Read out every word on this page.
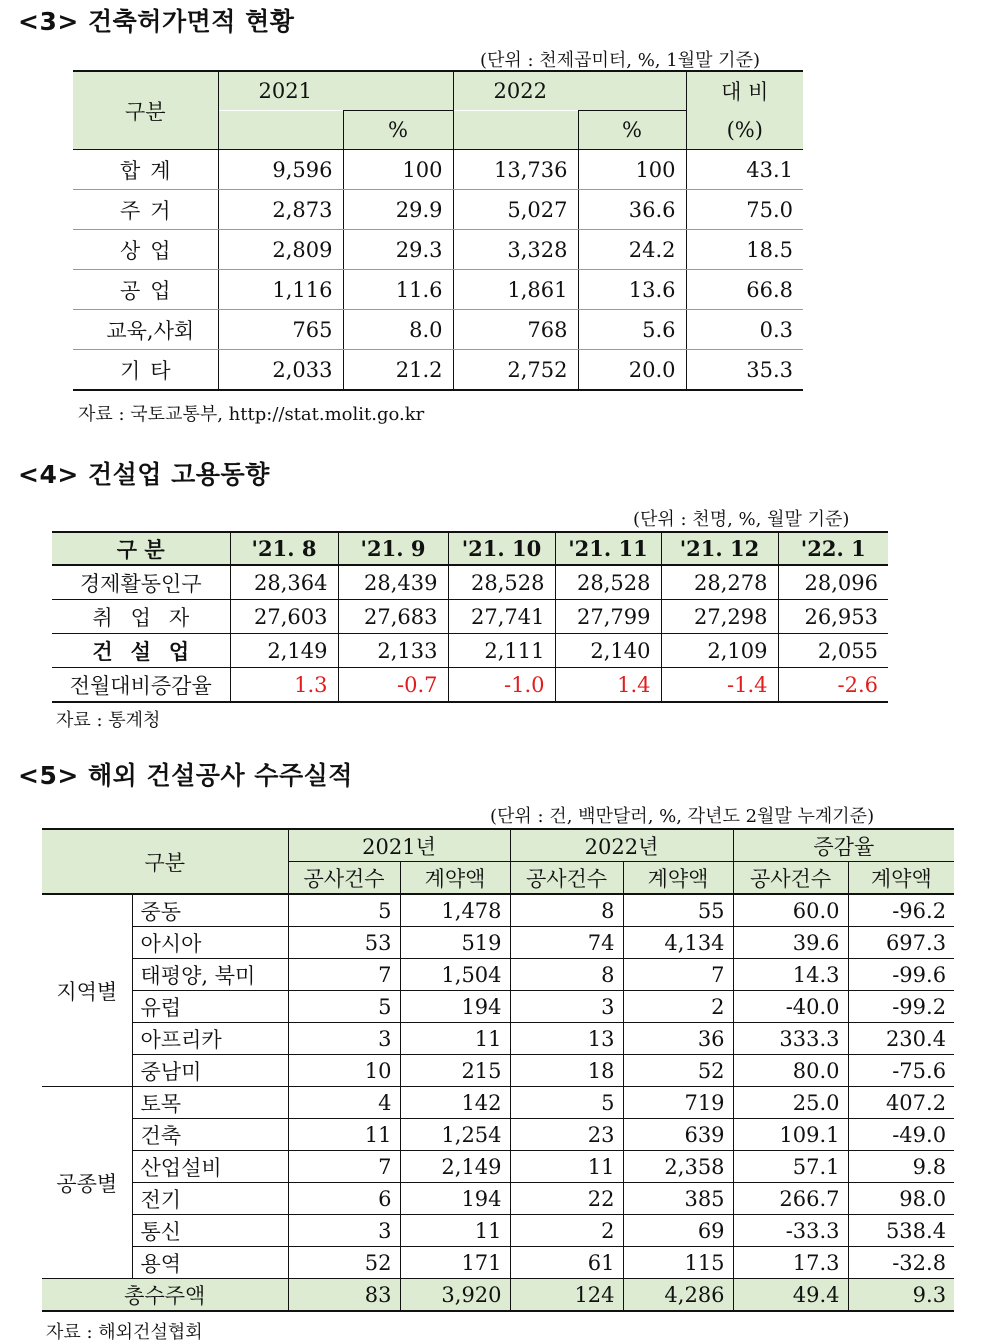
<3> 건축허가면적 현황
(단위 : 천제곱미터, %, 1월말 기준)
구분	2021		2022		대 비
		%		%	(%)
합계	9,596	100	13,736	100	43.1
주거	2,873	29.9	5,027	36.6	75.0
상업	2,809	29.3	3,328	24.2	18.5
공업	1,116	11.6	1,861	13.6	66.8
교육,사회	765	8.0	768	5.6	0.3
기타	2,033	21.2	2,752	20.0	35.3
자료 : 국토교통부, http://stat.molit.go.kr
<4> 건설업 고용동향
(단위 : 천명, %, 월말 기준)
구 분	'21. 8	'21. 9	'21. 10	'21. 11	'21. 12	'22. 1
경제활동인구	28,364	28,439	28,528	28,528	28,278	28,096
취업자	27,603	27,683	27,741	27,799	27,298	26,953
건설업	2,149	2,133	2,111	2,140	2,109	2,055
전월대비증감율	1.3	-0.7	-1.0	1.4	-1.4	-2.6
자료 : 통계청
<5> 해외 건설공사 수주실적
(단위 : 건, 백만달러, %, 각년도 2월말 누계기준)
구분		2021년		2022년		증감율	
		공사건수	계약액	공사건수	계약액	공사건수	계약액
지역별	중동	5	1,478	8	55	60.0	-96.2
	아시아	53	519	74	4,134	39.6	697.3
	태평양, 북미	7	1,504	8	7	14.3	-99.6
	유럽	5	194	3	2	-40.0	-99.2
	아프리카	3	11	13	36	333.3	230.4
	중남미	10	215	18	52	80.0	-75.6
공종별	토목	4	142	5	719	25.0	407.2
	건축	11	1,254	23	639	109.1	-49.0
	산업설비	7	2,149	11	2,358	57.1	9.8
	전기	6	194	22	385	266.7	98.0
	통신	3	11	2	69	-33.3	538.4
	용역	52	171	61	115	17.3	-32.8
총수주액		83	3,920	124	4,286	49.4	9.3
자료 : 해외건설협회
